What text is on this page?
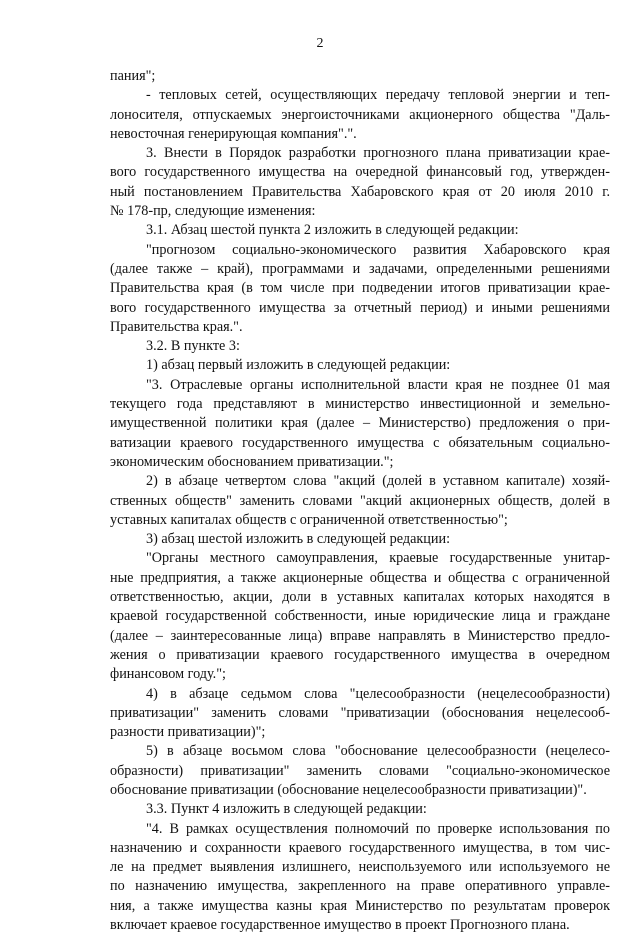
2
пания";
- тепловых сетей, осуществляющих передачу тепловой энергии и теп-
лоносителя, отпускаемых энергоисточниками акционерного общества "Даль-
невосточная генерирующая компания".".
3. Внести в Порядок разработки прогнозного плана приватизации крае-
вого государственного имущества на очередной финансовый год, утвержден-
ный постановлением Правительства Хабаровского края от 20 июля 2010 г.
№ 178-пр, следующие изменения:
3.1. Абзац шестой пункта 2 изложить в следующей редакции:
"прогнозом социально-экономического развития Хабаровского края
(далее также – край), программами и задачами, определенными решениями
Правительства края (в том числе при подведении итогов приватизации крае-
вого государственного имущества за отчетный период) и иными решениями
Правительства края.".
3.2. В пункте 3:
1) абзац первый изложить в следующей редакции:
"3. Отраслевые органы исполнительной власти края не позднее 01 мая
текущего года представляют в министерство инвестиционной и земельно-
имущественной политики края (далее – Министерство) предложения о при-
ватизации краевого государственного имущества с обязательным социально-
экономическим обоснованием приватизации.";
2) в абзаце четвертом слова "акций (долей в уставном капитале) хозяй-
ственных обществ" заменить словами "акций акционерных обществ, долей в
уставных капиталах обществ с ограниченной ответственностью";
3) абзац шестой изложить в следующей редакции:
"Органы местного самоуправления, краевые государственные унитар-
ные предприятия, а также акционерные общества и общества с ограниченной
ответственностью, акции, доли в уставных капиталах которых находятся в
краевой государственной собственности, иные юридические лица и граждане
(далее – заинтересованные лица) вправе направлять в Министерство предло-
жения о приватизации краевого государственного имущества в очередном
финансовом году.";
4) в абзаце седьмом слова "целесообразности (нецелесообразности)
приватизации" заменить словами "приватизации (обоснования нецелесооб-
разности приватизации)";
5) в абзаце восьмом слова "обоснование целесообразности (нецелесо-
образности) приватизации" заменить словами "социально-экономическое
обоснование приватизации (обоснование нецелесообразности приватизации)".
3.3. Пункт 4 изложить в следующей редакции:
"4. В рамках осуществления полномочий по проверке использования по
назначению и сохранности краевого государственного имущества, в том чис-
ле на предмет выявления излишнего, неиспользуемого или используемого не
по назначению имущества, закрепленного на праве оперативного управле-
ния, а также имущества казны края Министерство по результатам проверок
включает краевое государственное имущество в проект Прогнозного плана.
